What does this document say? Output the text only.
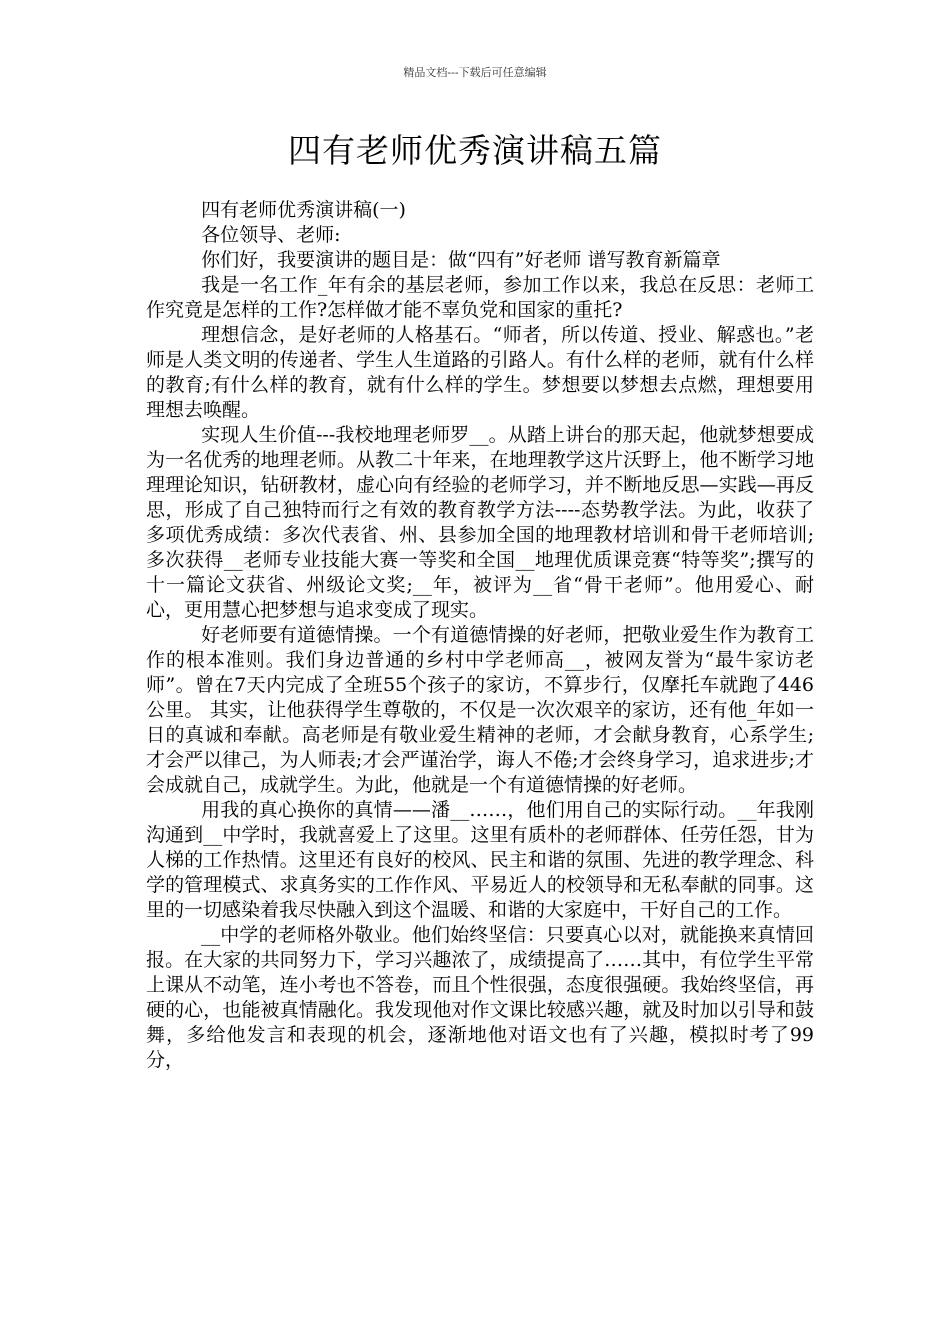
精品文档---下载后可任意编辑
四有老师优秀演讲稿五篇

四有老师优秀演讲稿(一)

各位领导、老师:

你们好，我要演讲的题目是：做“四有”好老师 谱写教育新篇章

我是一名工作_年有余的基层老师，参加工作以来，我总在反思：老师工作究竟是怎样的工作?怎样做才能不辜负党和国家的重托?

理想信念，是好老师的人格基石。“师者，所以传道、授业、解惑也。”老师是人类文明的传递者、学生人生道路的引路人。有什么样的老师，就有什么样的教育;有什么样的教育，就有什么样的学生。梦想要以梦想去点燃，理想要用理想去唤醒。

实现人生价值---我校地理老师罗__。从踏上讲台的那天起，他就梦想要成为一名优秀的地理老师。从教二十年来，在地理教学这片沃野上，他不断学习地理理论知识，钻研教材，虚心向有经验的老师学习，并不断地反思—实践—再反思，形成了自己独特而行之有效的教育教学方法----态势教学法。为此，收获了多项优秀成绩：多次代表省、州、县参加全国的地理教材培训和骨干老师培训;多次获得__老师专业技能大赛一等奖和全国__地理优质课竞赛“特等奖”;撰写的十一篇论文获省、州级论文奖;__年，被评为__省“骨干老师”。他用爱心、耐心，更用慧心把梦想与追求变成了现实。

好老师要有道德情操。一个有道德情操的好老师，把敬业爱生作为教育工作的根本准则。我们身边普通的乡村中学老师高__，被网友誉为“最牛家访老师”。曾在7天内完成了全班55个孩子的家访，不算步行，仅摩托车就跑了446公里。 其实，让他获得学生尊敬的，不仅是一次次艰辛的家访，还有他_年如一日的真诚和奉献。高老师是有敬业爱生精神的老师，才会献身教育，心系学生;才会严以律己，为人师表;才会严谨治学，诲人不倦;才会终身学习，追求进步;才会成就自己，成就学生。为此，他就是一个有道德情操的好老师。

用我的真心换你的真情——潘__……，他们用自己的实际行动。__年我刚沟通到__中学时，我就喜爱上了这里。这里有质朴的老师群体、任劳任怨，甘为人梯的工作热情。这里还有良好的校风、民主和谐的氛围、先进的教学理念、科学的管理模式、求真务实的工作作风、平易近人的校领导和无私奉献的同事。这里的一切感染着我尽快融入到这个温暖、和谐的大家庭中，干好自己的工作。

__中学的老师格外敬业。他们始终坚信：只要真心以对，就能换来真情回报。在大家的共同努力下，学习兴趣浓了，成绩提高了……其中，有位学生平常上课从不动笔，连小考也不答卷，而且个性很强，态度很强硬。我始终坚信，再硬的心，也能被真情融化。我发现他对作文课比较感兴趣，就及时加以引导和鼓舞，多给他发言和表现的机会，逐渐地他对语文也有了兴趣，模拟时考了99分，
